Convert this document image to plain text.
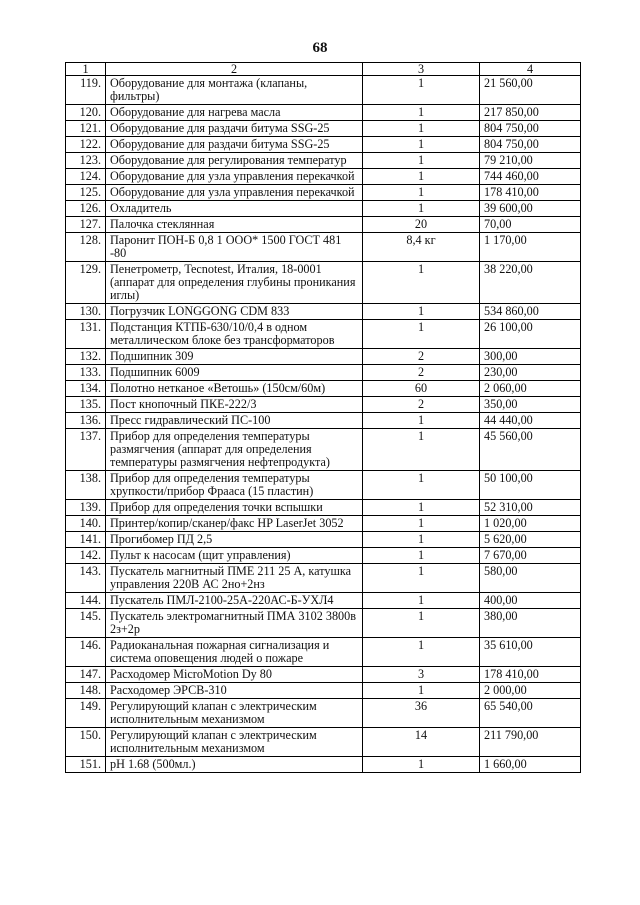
68
1	2	3	4
119.	Оборудование для монтажа (клапаны, фильтры)	1	21 560,00
120.	Оборудование для нагрева масла	1	217 850,00
121.	Оборудование для раздачи битума SSG-25	1	804 750,00
122.	Оборудование для раздачи битума SSG-25	1	804 750,00
123.	Оборудование для регулирования температур	1	79 210,00
124.	Оборудование для узла управления перекачкой	1	744 460,00
125.	Оборудование для узла управления перекачкой	1	178 410,00
126.	Охладитель	1	39 600,00
127.	Палочка стеклянная	20	70,00
128.	Паронит ПОН-Б 0,8 1 ООО* 1500 ГОСТ 481 -80	8,4 кг	1 170,00
129.	Пенетрометр, Tecnotest, Италия, 18-0001 (аппарат для определения глубины проникания иглы)	1	38 220,00
130.	Погрузчик LONGGONG CDM 833	1	534 860,00
131.	Подстанция КТПБ-630/10/0,4 в одном металлическом блоке без трансформаторов	1	26 100,00
132.	Подшипник 309	2	300,00
133.	Подшипник 6009	2	230,00
134.	Полотно нетканое «Ветошь» (150см/60м)	60	2 060,00
135.	Пост кнопочный ПКЕ-222/3	2	350,00
136.	Пресс гидравлический ПС-100	1	44 440,00
137.	Прибор для определения температуры размягчения (аппарат для определения температуры размягчения нефтепродукта)	1	45 560,00
138.	Прибор для определения температуры хрупкости/прибор Фрааса (15 пластин)	1	50 100,00
139.	Прибор для определения точки вспышки	1	52 310,00
140.	Принтер/копир/сканер/факс HP LaserJet 3052	1	1 020,00
141.	Прогибомер ПД 2,5	1	5 620,00
142.	Пульт к насосам (щит управления)	1	7 670,00
143.	Пускатель магнитный ПМЕ 211 25 А, катушка управления 220В АС 2но+2нз	1	580,00
144.	Пускатель ПМЛ-2100-25А-220АС-Б-УХЛ4	1	400,00
145.	Пускатель электромагнитный ПМА 3102 3800в 2з+2р	1	380,00
146.	Радиоканальная пожарная сигнализация и система оповещения людей о пожаре	1	35 610,00
147.	Расходомер MicroMotion Dy 80	3	178 410,00
148.	Расходомер ЭРСВ-310	1	2 000,00
149.	Регулирующий клапан с электрическим исполнительным механизмом	36	65 540,00
150.	Регулирующий клапан с электрическим исполнительным механизмом	14	211 790,00
151.	рН 1.68 (500мл.)	1	1 660,00
